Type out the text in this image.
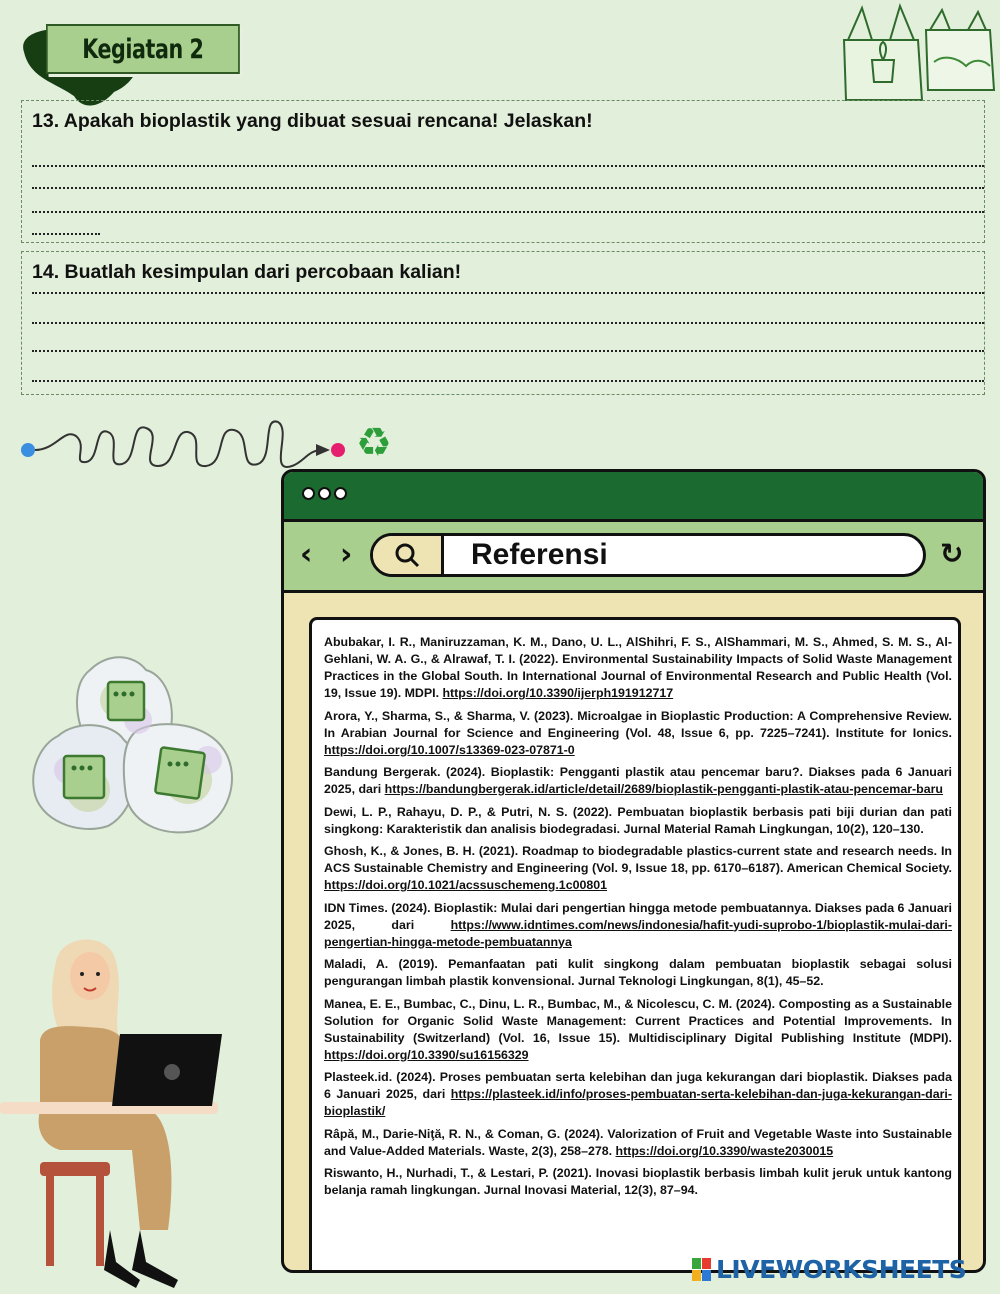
Kegiatan 2
13. Apakah bioplastik yang dibuat sesuai rencana! Jelaskan!
14. Buatlah kesimpulan dari percobaan kalian!
♻
‹ ›	Referensi	↻
Abubakar, I. R., Maniruzzaman, K. M., Dano, U. L., AlShihri, F. S., AlShammari, M. S., Ahmed, S. M. S., Al-Gehlani, W. A. G., & Alrawaf, T. I. (2022). Environmental Sustainability Impacts of Solid Waste Management Practices in the Global South. In International Journal of Environmental Research and Public Health (Vol. 19, Issue 19). MDPI. https://doi.org/10.3390/ijerph191912717
Arora, Y., Sharma, S., & Sharma, V. (2023). Microalgae in Bioplastic Production: A Comprehensive Review. In Arabian Journal for Science and Engineering (Vol. 48, Issue 6, pp. 7225–7241). Institute for Ionics. https://doi.org/10.1007/s13369-023-07871-0
Bandung Bergerak. (2024). Bioplastik: Pengganti plastik atau pencemar baru?. Diakses pada 6 Januari 2025, dari https://bandungbergerak.id/article/detail/2689/bioplastik-pengganti-plastik-atau-pencemar-baru
Dewi, L. P., Rahayu, D. P., & Putri, N. S. (2022). Pembuatan bioplastik berbasis pati biji durian dan pati singkong: Karakteristik dan analisis biodegradasi. Jurnal Material Ramah Lingkungan, 10(2), 120–130.
Ghosh, K., & Jones, B. H. (2021). Roadmap to biodegradable plastics-current state and research needs. In ACS Sustainable Chemistry and Engineering (Vol. 9, Issue 18, pp. 6170–6187). American Chemical Society. https://doi.org/10.1021/acssuschemeng.1c00801
IDN Times. (2024). Bioplastik: Mulai dari pengertian hingga metode pembuatannya. Diakses pada 6 Januari 2025, dari https://www.idntimes.com/news/indonesia/hafit-yudi-suprobo-1/bioplastik-mulai-dari-pengertian-hingga-metode-pembuatannya
Maladi, A. (2019). Pemanfaatan pati kulit singkong dalam pembuatan bioplastik sebagai solusi pengurangan limbah plastik konvensional. Jurnal Teknologi Lingkungan, 8(1), 45–52.
Manea, E. E., Bumbac, C., Dinu, L. R., Bumbac, M., & Nicolescu, C. M. (2024). Composting as a Sustainable Solution for Organic Solid Waste Management: Current Practices and Potential Improvements. In Sustainability (Switzerland) (Vol. 16, Issue 15). Multidisciplinary Digital Publishing Institute (MDPI). https://doi.org/10.3390/su16156329
Plasteek.id. (2024). Proses pembuatan serta kelebihan dan juga kekurangan dari bioplastik. Diakses pada 6 Januari 2025, dari https://plasteek.id/info/proses-pembuatan-serta-kelebihan-dan-juga-kekurangan-dari-bioplastik/
Râpă, M., Darie-Niţă, R. N., & Coman, G. (2024). Valorization of Fruit and Vegetable Waste into Sustainable and Value-Added Materials. Waste, 2(3), 258–278. https://doi.org/10.3390/waste2030015
Riswanto, H., Nurhadi, T., & Lestari, P. (2021). Inovasi bioplastik berbasis limbah kulit jeruk untuk kantong belanja ramah lingkungan. Jurnal Inovasi Material, 12(3), 87–94.
LIVEWORKSHEETS
